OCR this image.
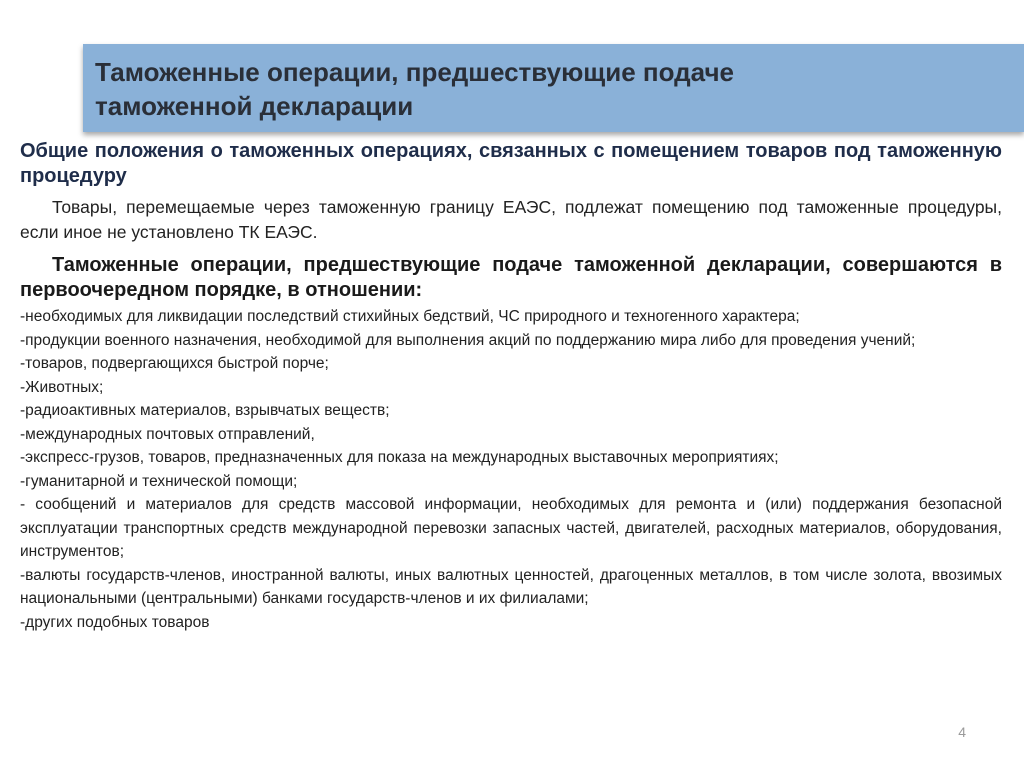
Таможенные операции, предшествующие подаче
таможенной декларации
Общие положения о таможенных операциях, связанных с помещением товаров под таможенную процедуру

Товары, перемещаемые через таможенную границу ЕАЭС, подлежат помещению под таможенные процедуры, если иное не установлено ТК ЕАЭС.

Таможенные операции, предшествующие подаче таможенной декларации, совершаются в первоочередном порядке, в отношении:

-необходимых для ликвидации последствий стихийных бедствий, ЧС природного и техногенного характера;
-продукции военного назначения, необходимой для выполнения акций по поддержанию мира либо для проведения учений;
-товаров, подвергающихся быстрой порче;
-Животных;
-радиоактивных материалов, взрывчатых веществ;
-международных почтовых отправлений,
-экспресс-грузов, товаров, предназначенных для показа на международных выставочных мероприятиях;
-гуманитарной и технической помощи;
- сообщений и материалов для средств массовой информации, необходимых для ремонта и (или) поддержания безопасной эксплуатации транспортных средств международной перевозки запасных частей, двигателей, расходных материалов, оборудования, инструментов;
-валюты государств-членов, иностранной валюты, иных валютных ценностей, драгоценных металлов, в том числе золота, ввозимых национальными (центральными) банками государств-членов и их филиалами;
-других подобных товаров
4
